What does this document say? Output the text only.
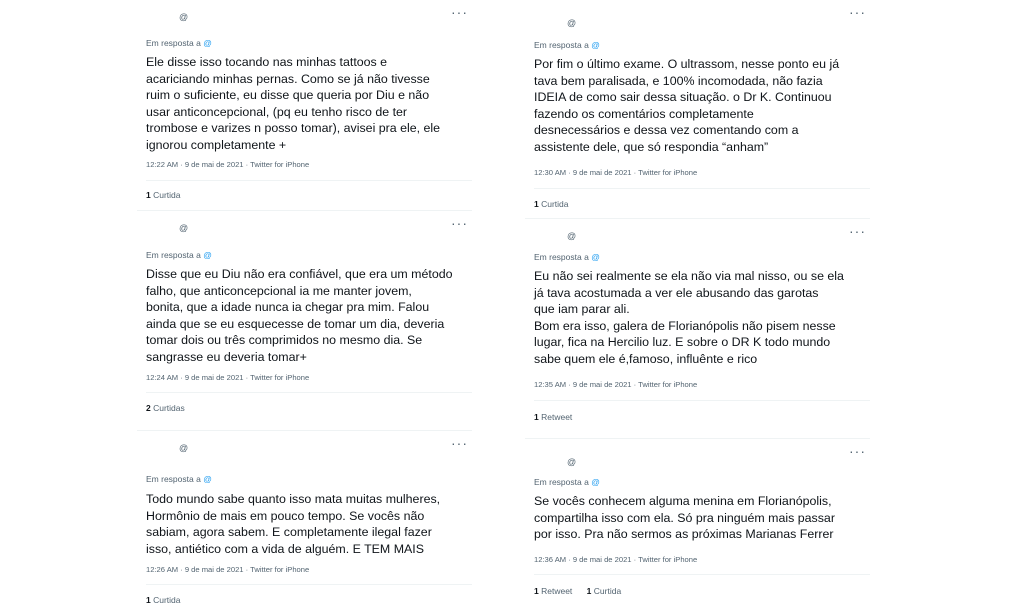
@	···
Em resposta a @​
Ele disse isso tocando nas minhas tattoos e
acariciando minhas pernas. Como se já não tivesse
ruim o suficiente, eu disse que queria por Diu e não
usar anticoncepcional, (pq eu tenho risco de ter
trombose e varizes n posso tomar), avisei pra ele, ele
ignorou completamente +
12:22 AM · 9 de mai de 2021 · Twitter for iPhone
1 Curtida
@	···
Em resposta a @
Disse que eu Diu não era confiável, que era um método
falho, que anticoncepcional ia me manter jovem,
bonita, que a idade nunca ia chegar pra mim. Falou
ainda que se eu esquecesse de tomar um dia, deveria
tomar dois ou três comprimidos no mesmo dia. Se
sangrasse eu deveria tomar+
12:24 AM · 9 de mai de 2021 · Twitter for iPhone
2 Curtidas
@	···
Em resposta a @
Todo mundo sabe quanto isso mata muitas mulheres,
Hormônio de mais em pouco tempo. Se vocês não
sabiam, agora sabem. E completamente ilegal fazer
isso, antiético com a vida de alguém. E TEM MAIS
12:26 AM · 9 de mai de 2021 · Twitter for iPhone
1 Curtida
@
···
Em resposta a @
Por fim o último exame. O ultrassom, nesse ponto eu já
tava bem paralisada, e 100% incomodada, não fazia
IDEIA de como sair dessa situação. o Dr K. Continuou
fazendo os comentários completamente
desnecessários e dessa vez comentando com a
assistente dele, que só respondia “anham”
12:30 AM · 9 de mai de 2021 · Twitter for iPhone
1 Curtida
@	···
Em resposta a @
Eu não sei realmente se ela não via mal nisso, ou se ela
já tava acostumada a ver ele abusando das garotas
que iam parar ali.
Bom era isso, galera de Florianópolis não pisem nesse
lugar, fica na Hercilio luz. E sobre o DR K todo mundo
sabe quem ele é,famoso, influênte e rico
12:35 AM · 9 de mai de 2021 · Twitter for iPhone
1 Retweet
@
···
Em resposta a @
Se vocês conhecem alguma menina em Florianópolis,
compartilha isso com ela. Só pra ninguém mais passar
por isso. Pra não sermos as próximas Marianas Ferrer
12:36 AM · 9 de mai de 2021 · Twitter for iPhone
1 Retweet 1 Curtida
